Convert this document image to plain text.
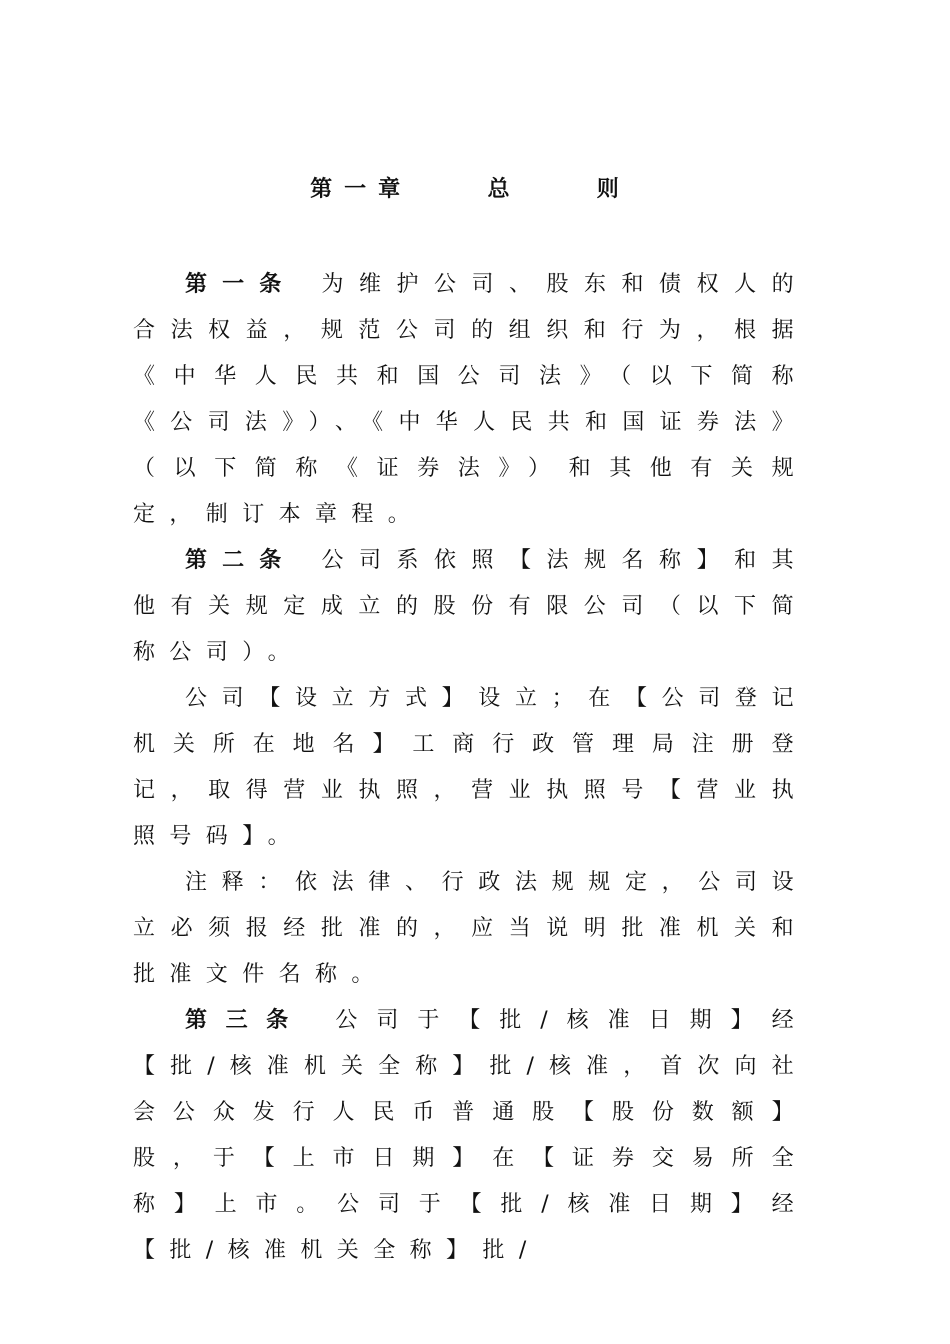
第一章  总  则

第一条 为维护公司、股东和债权人的合法权益，规范公司的组织和行为，根据《中华人民共和国公司法》（以下简称《公司法》）、《中华人民共和国证券法》（以下简称《证券法》）和其他有关规定，制订本章程。

第二条 公司系依照【法规名称】和其他有关规定成立的股份有限公司（以下简称公司）。

公司【设立方式】设立；在【公司登记机关所在地名】工商行政管理局注册登记，取得营业执照，营业执照号【营业执照号码】。

注释：依法律、行政法规规定，公司设立必须报经批准的，应当说明批准机关和批准文件名称。

第三条 公司于【批/核准日期】经【批/核准机关全称】批/核准，首次向社会公众发行人民币普通股【股份数额】股，于【上市日期】在【证券交易所全称】上市。公司于【批/核准日期】经【批/核准机关全称】批/
